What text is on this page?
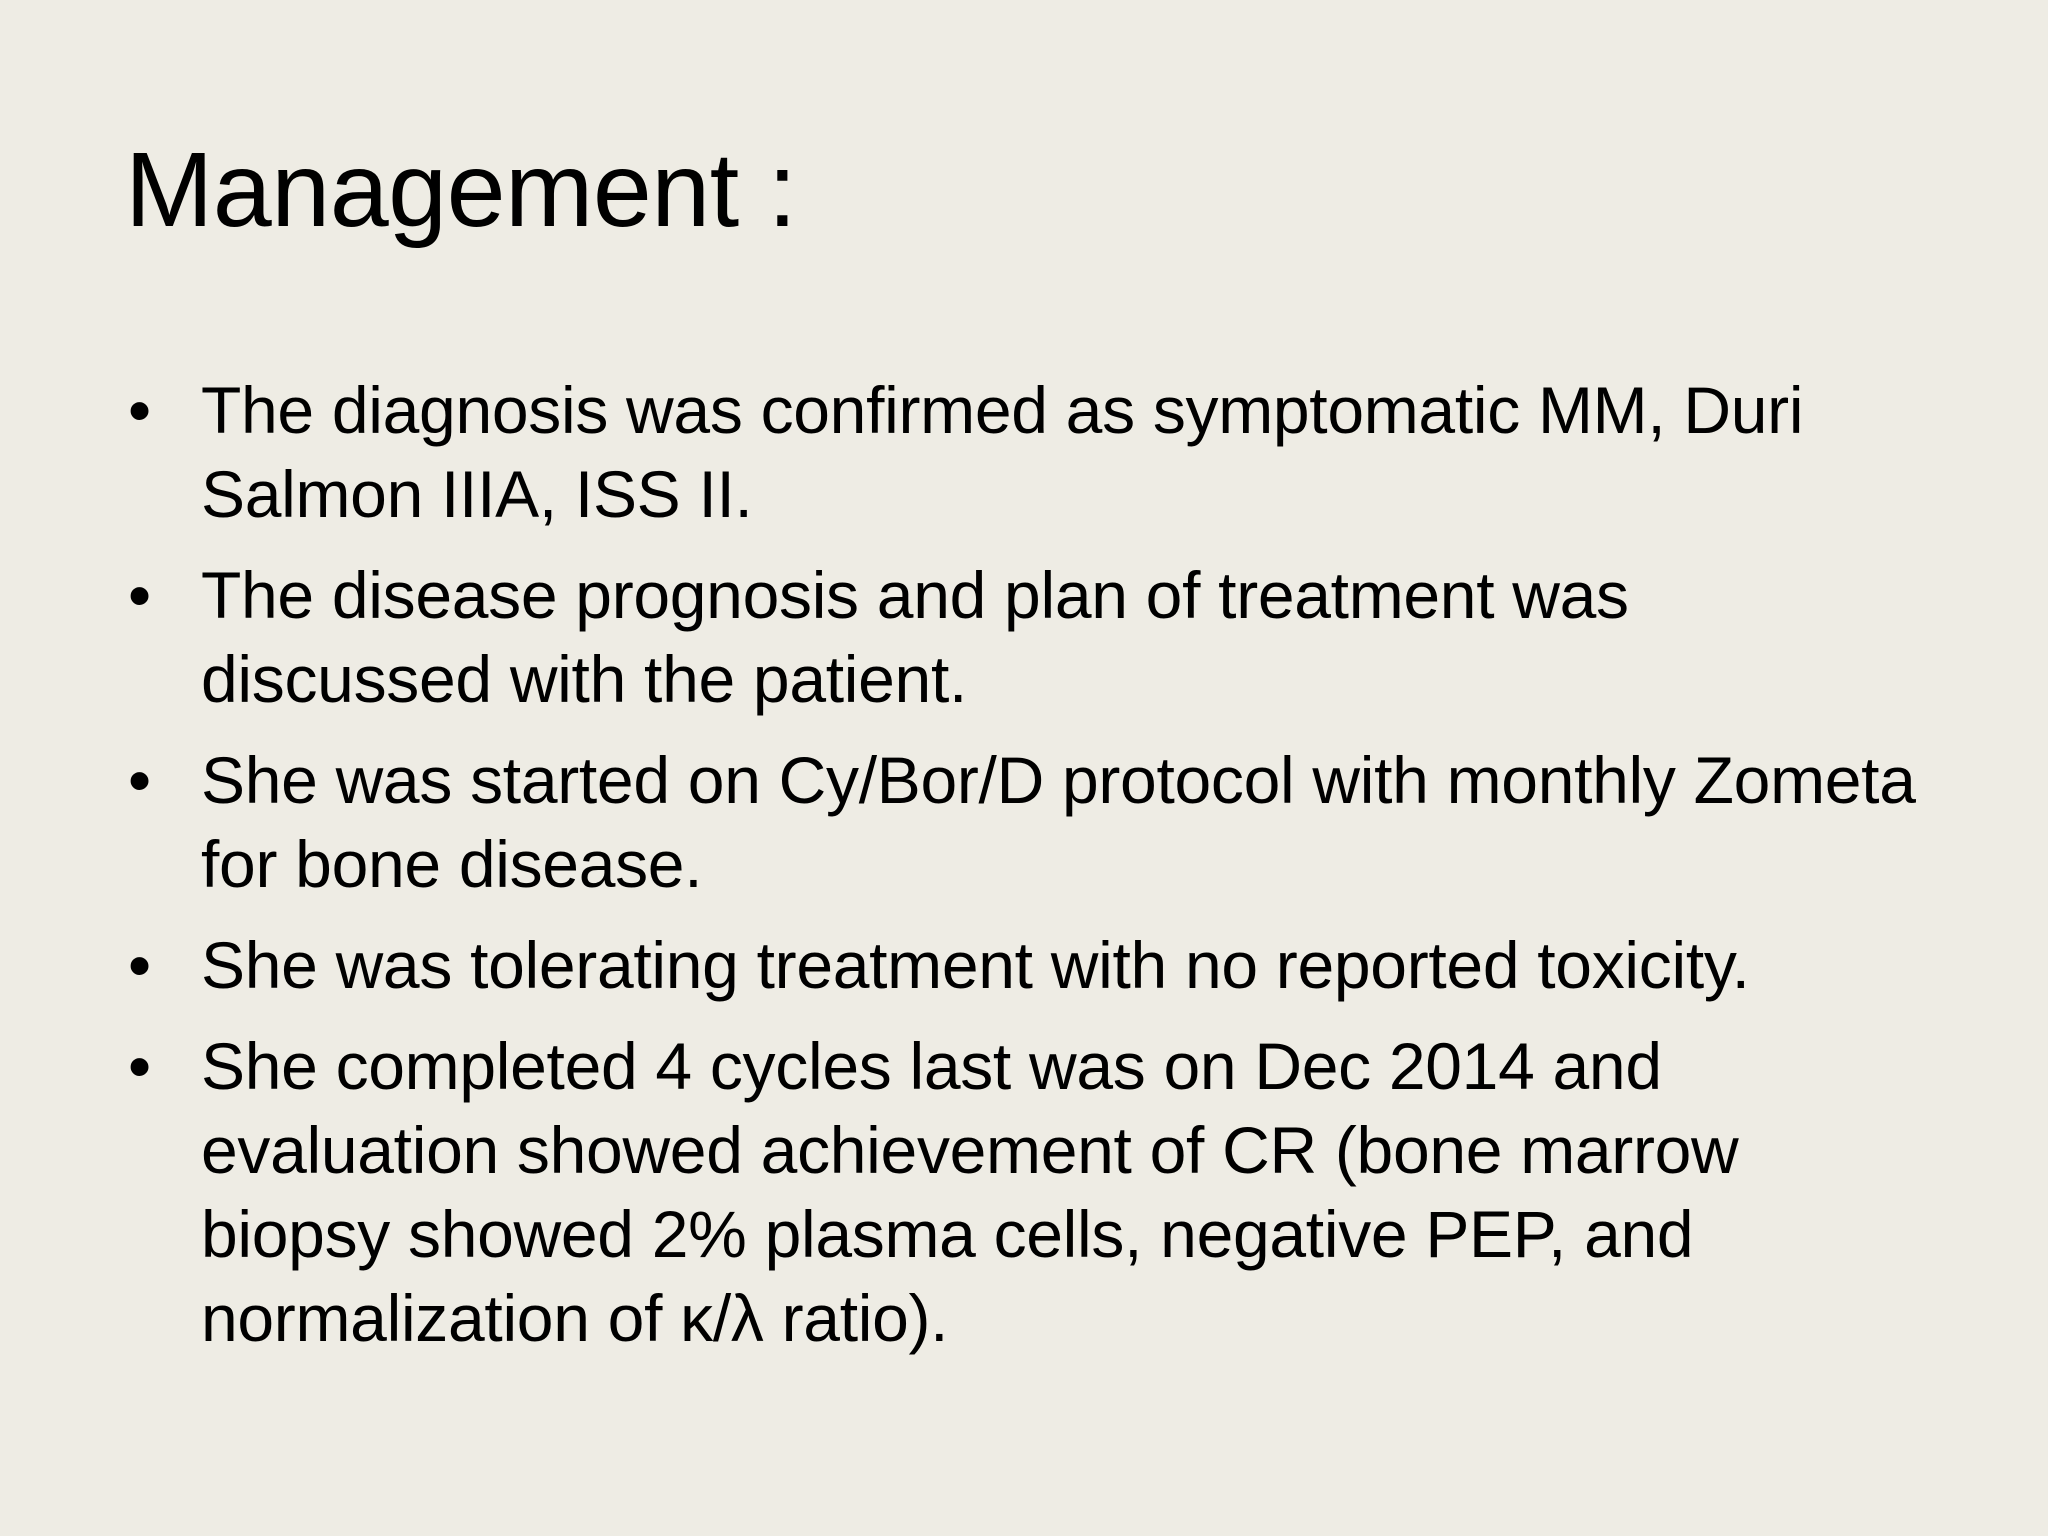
Management :
• The diagnosis was confirmed as symptomatic MM, Duri Salmon IIIA, ISS II.
• The disease prognosis and plan of treatment was discussed with the patient.
• She was started on Cy/Bor/D protocol with monthly Zometa for bone disease.
• She was tolerating treatment with no reported toxicity.
• She completed 4 cycles last was on Dec 2014 and evaluation showed achievement of CR (bone marrow biopsy showed 2% plasma cells, negative PEP, and normalization of κ/λ ratio).
